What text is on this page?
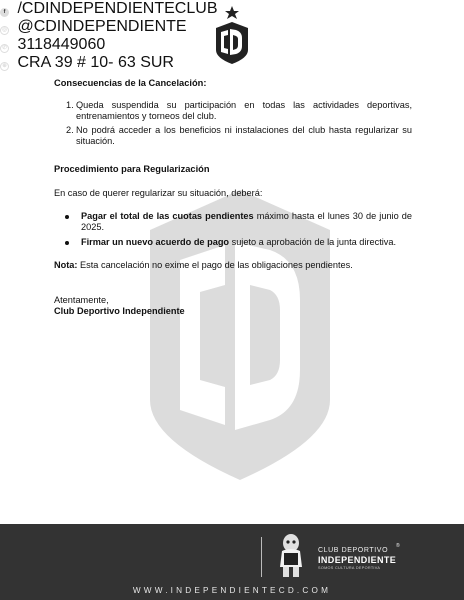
Consecuencias de la Cancelación:
1. Queda suspendida su participación en todas las actividades deportivas, entrenamientos y torneos del club.
2. No podrá acceder a los beneficios ni instalaciones del club hasta regularizar su situación.
Procedimiento para Regularización

En caso de querer regularizar su situación, deberá:

Pagar el total de las cuotas pendientes máximo hasta el lunes 30 de junio de 2025.
Firmar un nuevo acuerdo de pago sujeto a aprobación de la junta directiva.

Nota: Esta cancelación no exime el pago de las obligaciones pendientes.

Atentamente,

Club Deportivo Independiente

f /CDINDEPENDIENTECLUB
◎ @CDINDEPENDIENTE
✆ 3118449060
⊕ CRA 39 # 10- 63 SUR
CLUB DEPORTIVO
®
INDEPENDIENTE
SOMOS CULTURA DEPORTIVA
WWW.INDEPENDIENTECD.COM
